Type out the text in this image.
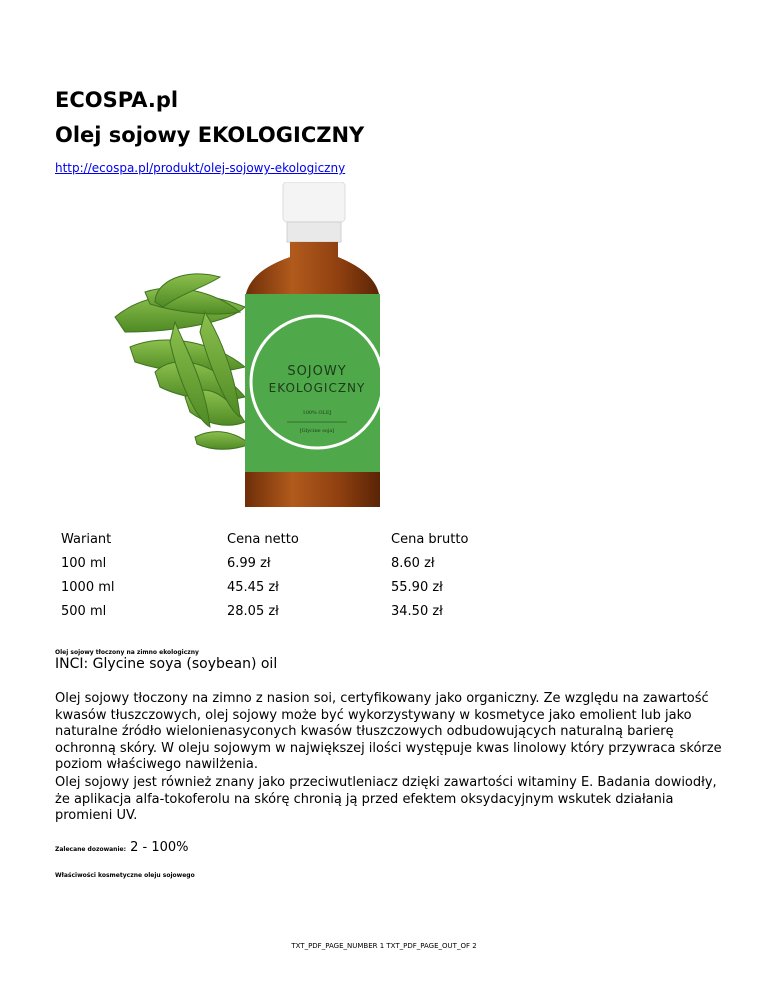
ECOSPA.pl
Olej sojowy EKOLOGICZNY
http://ecospa.pl/produkt/olej-sojowy-ekologiczny
SOJOWY
EKOLOGICZNY
100% OLEJ
[Glycine soja]
Wariant	Cena netto	Cena brutto
100 ml	6.99 zł	8.60 zł
1000 ml	45.45 zł	55.90 zł
500 ml	28.05 zł	34.50 zł
Olej sojowy tłoczony na zimno ekologiczny
INCI: Glycine soya (soybean) oil

Olej sojowy tłoczony na zimno z nasion soi, certyfikowany jako organiczny. Ze względu na zawartość kwasów tłuszczowych, olej sojowy może być wykorzystywany w kosmetyce jako emolient lub jako naturalne źródło wielonienasyconych kwasów tłuszczowych odbudowujących naturalną barierę ochronną skóry. W oleju sojowym w największej ilości występuje kwas linolowy który przywraca skórze poziom właściwego nawilżenia.

Olej sojowy jest również znany jako przeciwutleniacz dzięki zawartości witaminy E. Badania dowiodły, że aplikacja alfa-tokoferolu na skórę chronią ją przed efektem oksydacyjnym wskutek działania promieni UV.

Zalecane dozowanie: 2 - 100%
Właściwości kosmetyczne oleju sojowego
TXT_PDF_PAGE_NUMBER 1 TXT_PDF_PAGE_OUT_OF 2
